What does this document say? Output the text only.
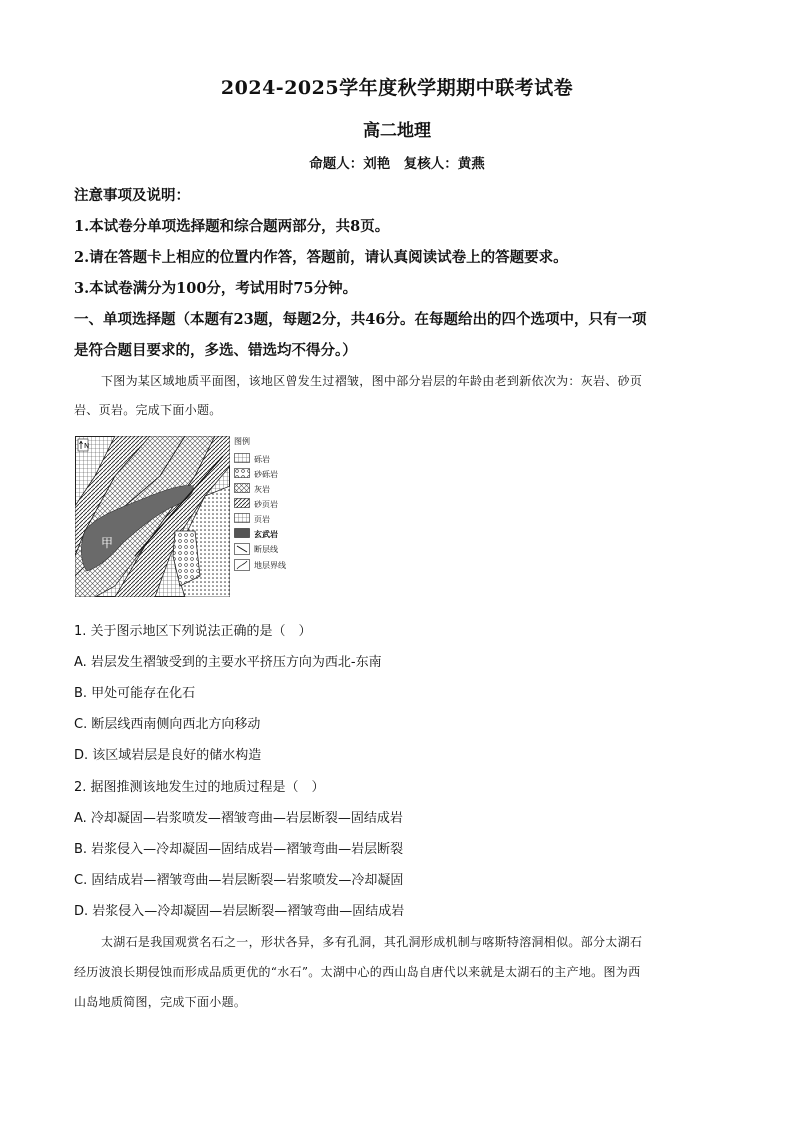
2024-2025学年度秋学期期中联考试卷
高二地理
命题人：刘艳　复核人：黄燕
注意事项及说明：
1.本试卷分单项选择题和综合题两部分，共8页。
2.请在答题卡上相应的位置内作答，答题前，请认真阅读试卷上的答题要求。
3.本试卷满分为100分，考试用时75分钟。
一、单项选择题（本题有23题，每题2分，共46分。在每题给出的四个选项中，只有一项
是符合题目要求的，多选、错选均不得分。）
下图为某区域地质平面图，该地区曾发生过褶皱，图中部分岩层的年龄由老到新依次为：灰岩、砂页
岩、页岩。完成下面小题。
N
甲
图例
砾岩
砂砾岩
灰岩
砂页岩
页岩
玄武岩
断层线
地层界线
1. 关于图示地区下列说法正确的是（　）
A. 岩层发生褶皱受到的主要水平挤压方向为西北-东南
B. 甲处可能存在化石
C. 断层线西南侧向西北方向移动
D. 该区域岩层是良好的储水构造
2. 据图推测该地发生过的地质过程是（　）
A. 冷却凝固—岩浆喷发—褶皱弯曲—岩层断裂—固结成岩
B. 岩浆侵入—冷却凝固—固结成岩—褶皱弯曲—岩层断裂
C. 固结成岩—褶皱弯曲—岩层断裂—岩浆喷发—冷却凝固
D. 岩浆侵入—冷却凝固—岩层断裂—褶皱弯曲—固结成岩
太湖石是我国观赏名石之一，形状各异，多有孔洞，其孔洞形成机制与喀斯特溶洞相似。部分太湖石
经历波浪长期侵蚀而形成品质更优的“水石”。太湖中心的西山岛自唐代以来就是太湖石的主产地。图为西
山岛地质简图，完成下面小题。
